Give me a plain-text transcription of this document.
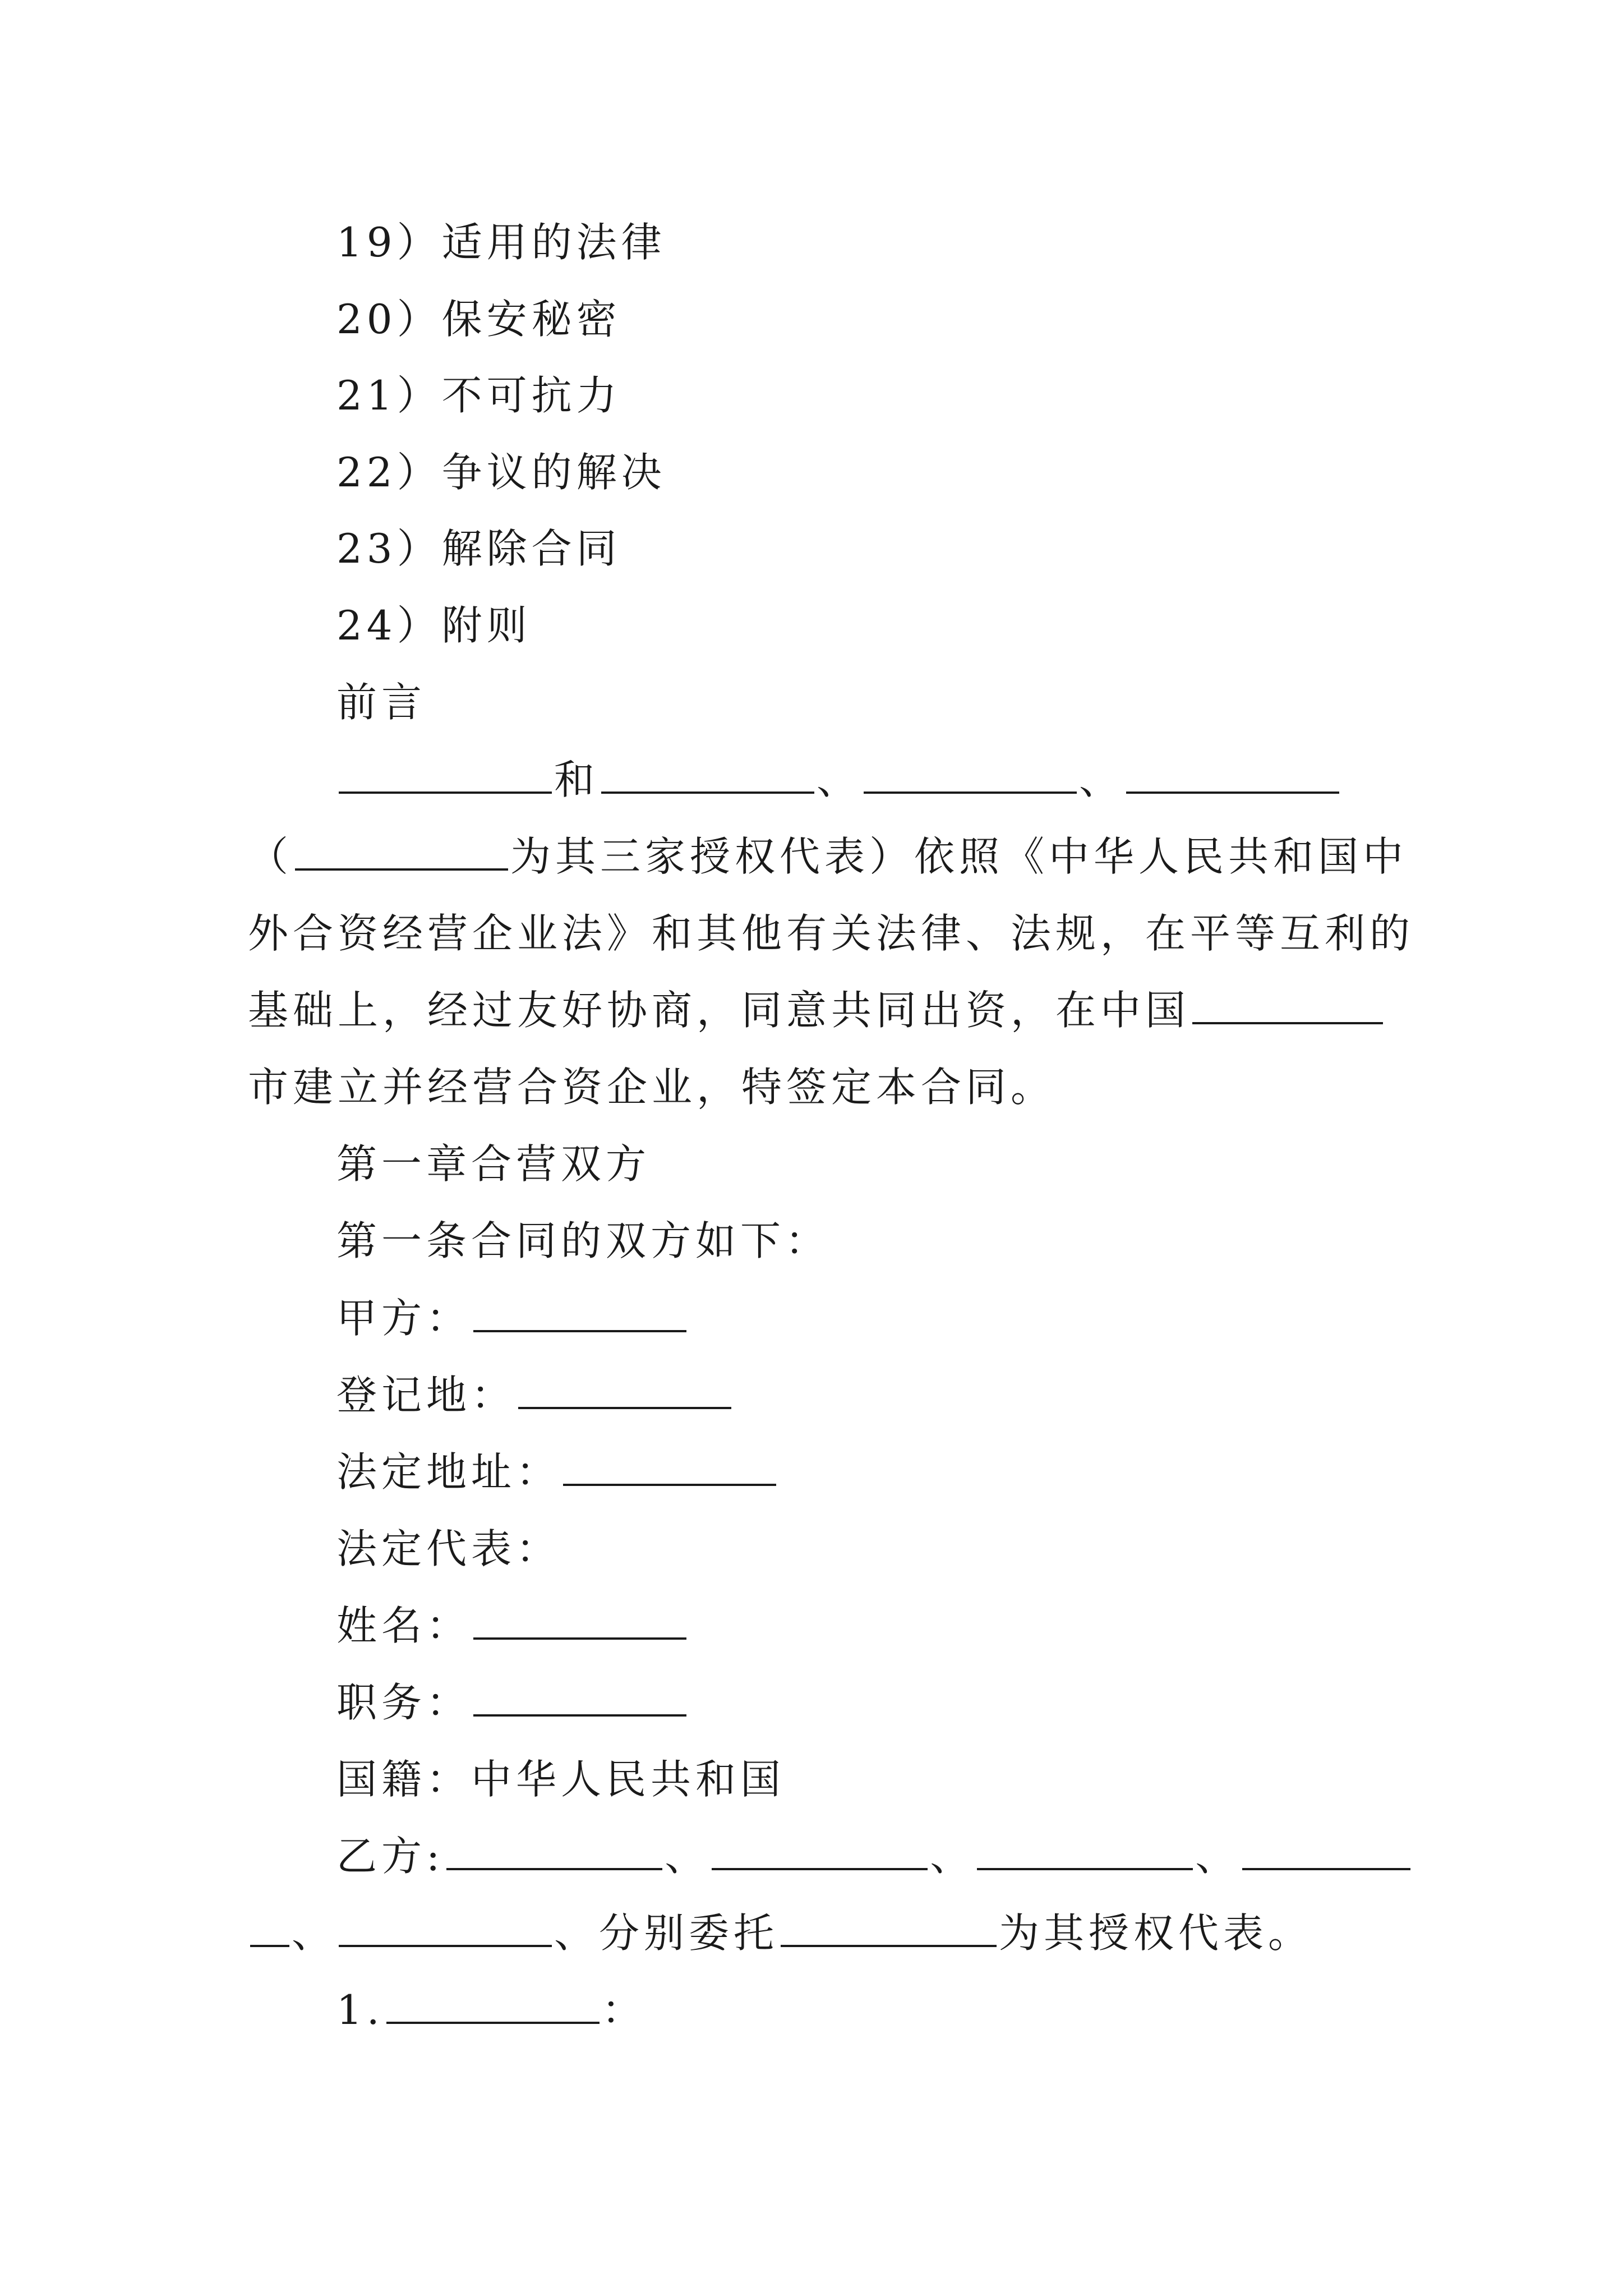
19）适用的法律
20）保安秘密
21）不可抗力
22）争议的解决
23）解除合同
24）附则
前言
和	、	、
（	为其三家授权代表）依照《中华人民共和国中
外合资经营企业法》和其他有关法律、法规，在平等互利的
基础上，经过友好协商，同意共同出资，在中国
市建立并经营合资企业，特签定本合同。
第一章合营双方
第一条合同的双方如下：
甲方：
登记地：
法定地址：
法定代表：
姓名：
职务：
国籍：中华人民共和国
乙方:	、	、	、
、	、分别委托	为其授权代表。
1.	：
